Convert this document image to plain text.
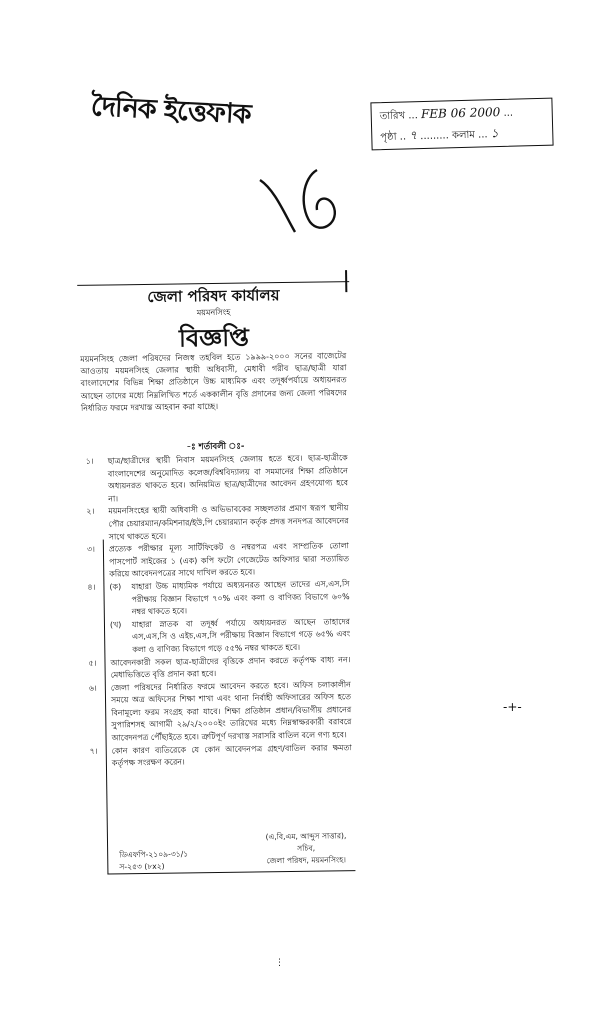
দৈনিক ইত্তেফাক	তারিখ ... FEB 06 2000 ...
পৃষ্ঠা .. ৭ ......... কলাম ... ১
জেলা পরিষদ কার্যালয়
ময়মনসিংহ
বিজ্ঞপ্তি
ময়মনসিংহ জেলা পরিষদের নিজস্ব তহবিল হতে ১৯৯৯-২০০০ সনের বাজেটের আওতায় ময়মনসিংহ জেলার স্থায়ী অধিবাসী, মেধাবী গরীব ছাত্র/ছাত্রী যারা বাংলাদেশের বিভিন্ন শিক্ষা প্রতিষ্ঠানে উচ্চ মাধ্যমিক এবং তদূর্ধ্বপর্যায়ে অধ্যয়নরত আছেন তাদের মধ্যে নিম্নলিখিত শর্তে এককালীন বৃত্তি প্রদানের জন্য জেলা পরিষদের নির্ধারিত ফরমে দরখাস্ত আহবান করা যাচ্ছে।
-ঃ শর্তাবলী ঃ-
১। ছাত্র/ছাত্রীদের স্থায়ী নিবাস ময়মনসিংহ জেলায় হতে হবে। ছাত্র-ছাত্রীকে বাংলাদেশের অনুমোদিত কলেজ/বিশ্ববিদ্যালয় বা সমমানের শিক্ষা প্রতিষ্ঠানে অধ্যয়নরত থাকতে হবে। অনিয়মিত ছাত্র/ছাত্রীদের আবেদন গ্রহণযোগ্য হবে না।
২। ময়মনসিংহের স্থায়ী অধিবাসী ও অভিভাবকের সচ্ছলতার প্রমাণ স্বরূপ স্থানীয় পৌর চেয়ারম্যান/কমিশনার/ইউ,পি চেয়ারম্যান কর্তৃক প্রদত্ত সনদপত্র আবেদনের সাথে থাকতে হবে।
৩। প্রত্যেক পরীক্ষার মূল্য সার্টিফিকেট ও নম্বরপত্র এবং সাম্প্রতিক তোলা পাসপোর্ট সাইজের ১ (এক) কপি ফটো গেজেটেড অফিসার দ্বারা সত্যায়িত করিয়ে আবেদনপত্রের সাথে দাখিল করতে হবে।
৪। (ক) যাহারা উচ্চ মাধ্যমিক পর্যায়ে অধ্যয়নরত আছেন তাদের এস,এস,সি পরীক্ষায় বিজ্ঞান বিভাগে ৭০% এবং কলা ও বাণিজ্য বিভাগে ৬০% নম্বর থাকতে হবে।
(খ) যাহারা স্নাতক বা তদূর্ধ্ব পর্যায়ে অধ্যয়নরত আছেন তাহাদের এস,এস,সি ও এইচ,এস,সি পরীক্ষায় বিজ্ঞান বিভাগে গড়ে ৬৫% এবং কলা ও বাণিজ্য বিভাগে গড়ে ৫৫% নম্বর থাকতে হবে।
৫। আবেদনকারী সকল ছাত্র-ছাত্রীদের বৃত্তিকে প্রদান করতে কর্তৃপক্ষ বাধ্য নন। মেধাভিত্তিতে বৃত্তি প্রদান করা হবে।
৬। জেলা পরিষদের নির্ধারিত ফরমে আবেদন করতে হবে। অফিস চলাকালীন সময়ে অত্র অফিসের শিক্ষা শাখা এবং থানা নির্বাহী অফিসারের অফিস হতে বিনামূল্যে ফরম সংগ্রহ করা যাবে। শিক্ষা প্রতিষ্ঠান প্রধান/বিভাগীয় প্রধানের সুপারিশসহ আগামী ২৯/২/২০০০ইং তারিখের মধ্যে নিম্নস্বাক্ষরকারী বরাবরে আবেদনপত্র পৌঁছাইতে হবে। ত্রুটিপূর্ণ দরখাস্ত সরাসরি বাতিল বলে গণ্য হবে।
৭। কোন কারণ ব্যতিরেকে যে কোন আবেদনপত্র গ্রহণ/বাতিল করার ক্ষমতা কর্তৃপক্ষ সংরক্ষণ করেন।
(এ,বি,এম, আব্দুস সাত্তার),
সচিব,
জেলা পরিষদ, ময়মনসিংহ।
ডিএফপি-২১০৯-৩১/১
স-২৫৩ (৮x২)
-+-
⋮
